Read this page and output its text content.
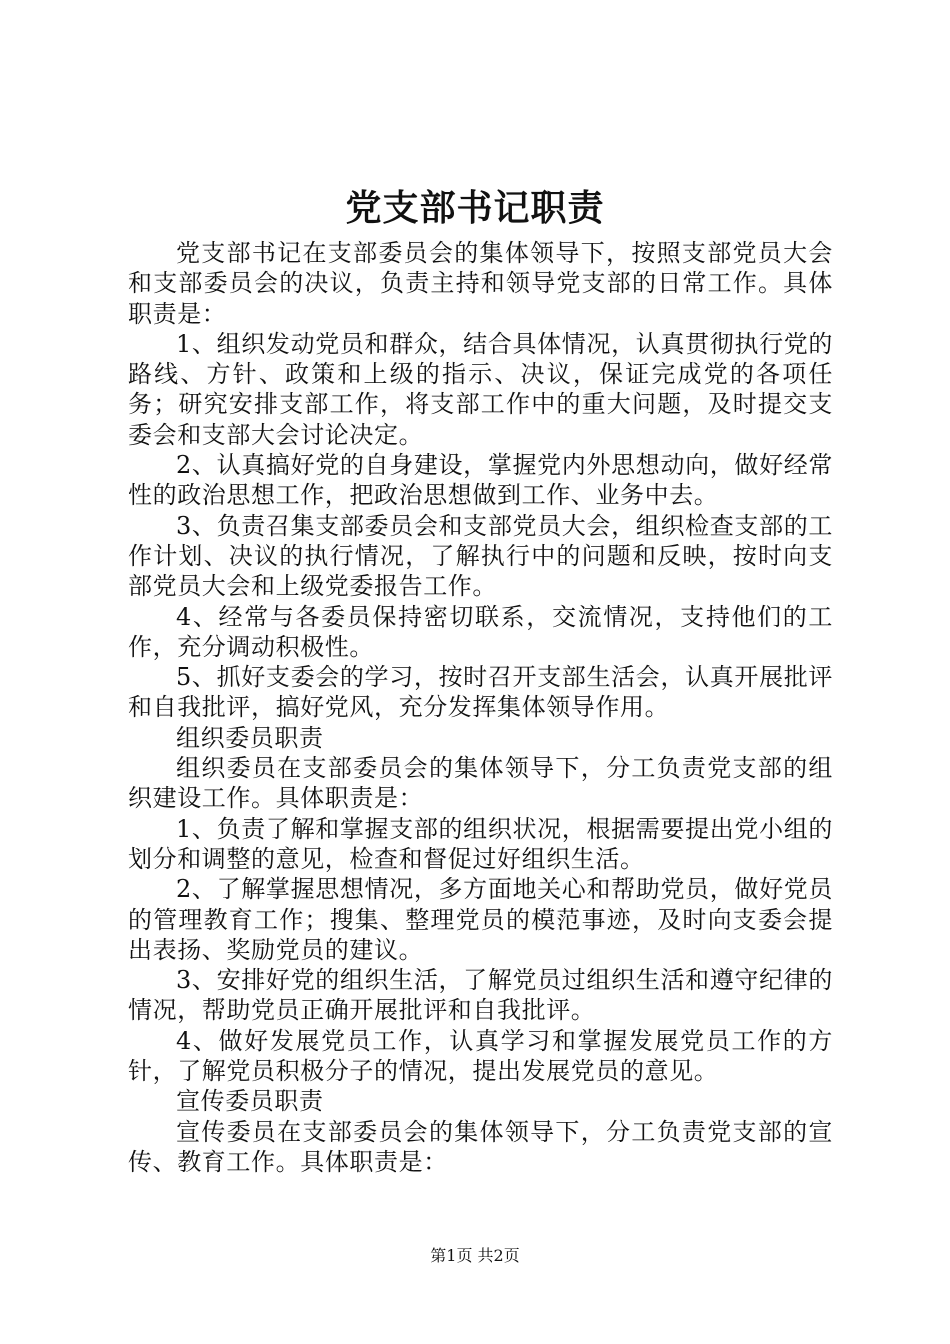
党支部书记职责

党支部书记在支部委员会的集体领导下，按照支部党员大会和支部委员会的决议，负责主持和领导党支部的日常工作。具体职责是：

1、组织发动党员和群众，结合具体情况，认真贯彻执行党的路线、方针、政策和上级的指示、决议，保证完成党的各项任务；研究安排支部工作，将支部工作中的重大问题，及时提交支委会和支部大会讨论决定。

2、认真搞好党的自身建设，掌握党内外思想动向，做好经常性的政治思想工作，把政治思想做到工作、业务中去。

3、负责召集支部委员会和支部党员大会，组织检查支部的工作计划、决议的执行情况，了解执行中的问题和反映，按时向支部党员大会和上级党委报告工作。

4、经常与各委员保持密切联系，交流情况，支持他们的工作，充分调动积极性。

5、抓好支委会的学习，按时召开支部生活会，认真开展批评和自我批评，搞好党风，充分发挥集体领导作用。

组织委员职责

组织委员在支部委员会的集体领导下，分工负责党支部的组织建设工作。具体职责是：

1、负责了解和掌握支部的组织状况，根据需要提出党小组的划分和调整的意见，检查和督促过好组织生活。

2、了解掌握思想情况，多方面地关心和帮助党员，做好党员的管理教育工作；搜集、整理党员的模范事迹，及时向支委会提出表扬、奖励党员的建议。

3、安排好党的组织生活，了解党员过组织生活和遵守纪律的情况，帮助党员正确开展批评和自我批评。

4、做好发展党员工作，认真学习和掌握发展党员工作的方针，了解党员积极分子的情况，提出发展党员的意见。

宣传委员职责

宣传委员在支部委员会的集体领导下，分工负责党支部的宣传、教育工作。具体职责是：

第1页 共2页
